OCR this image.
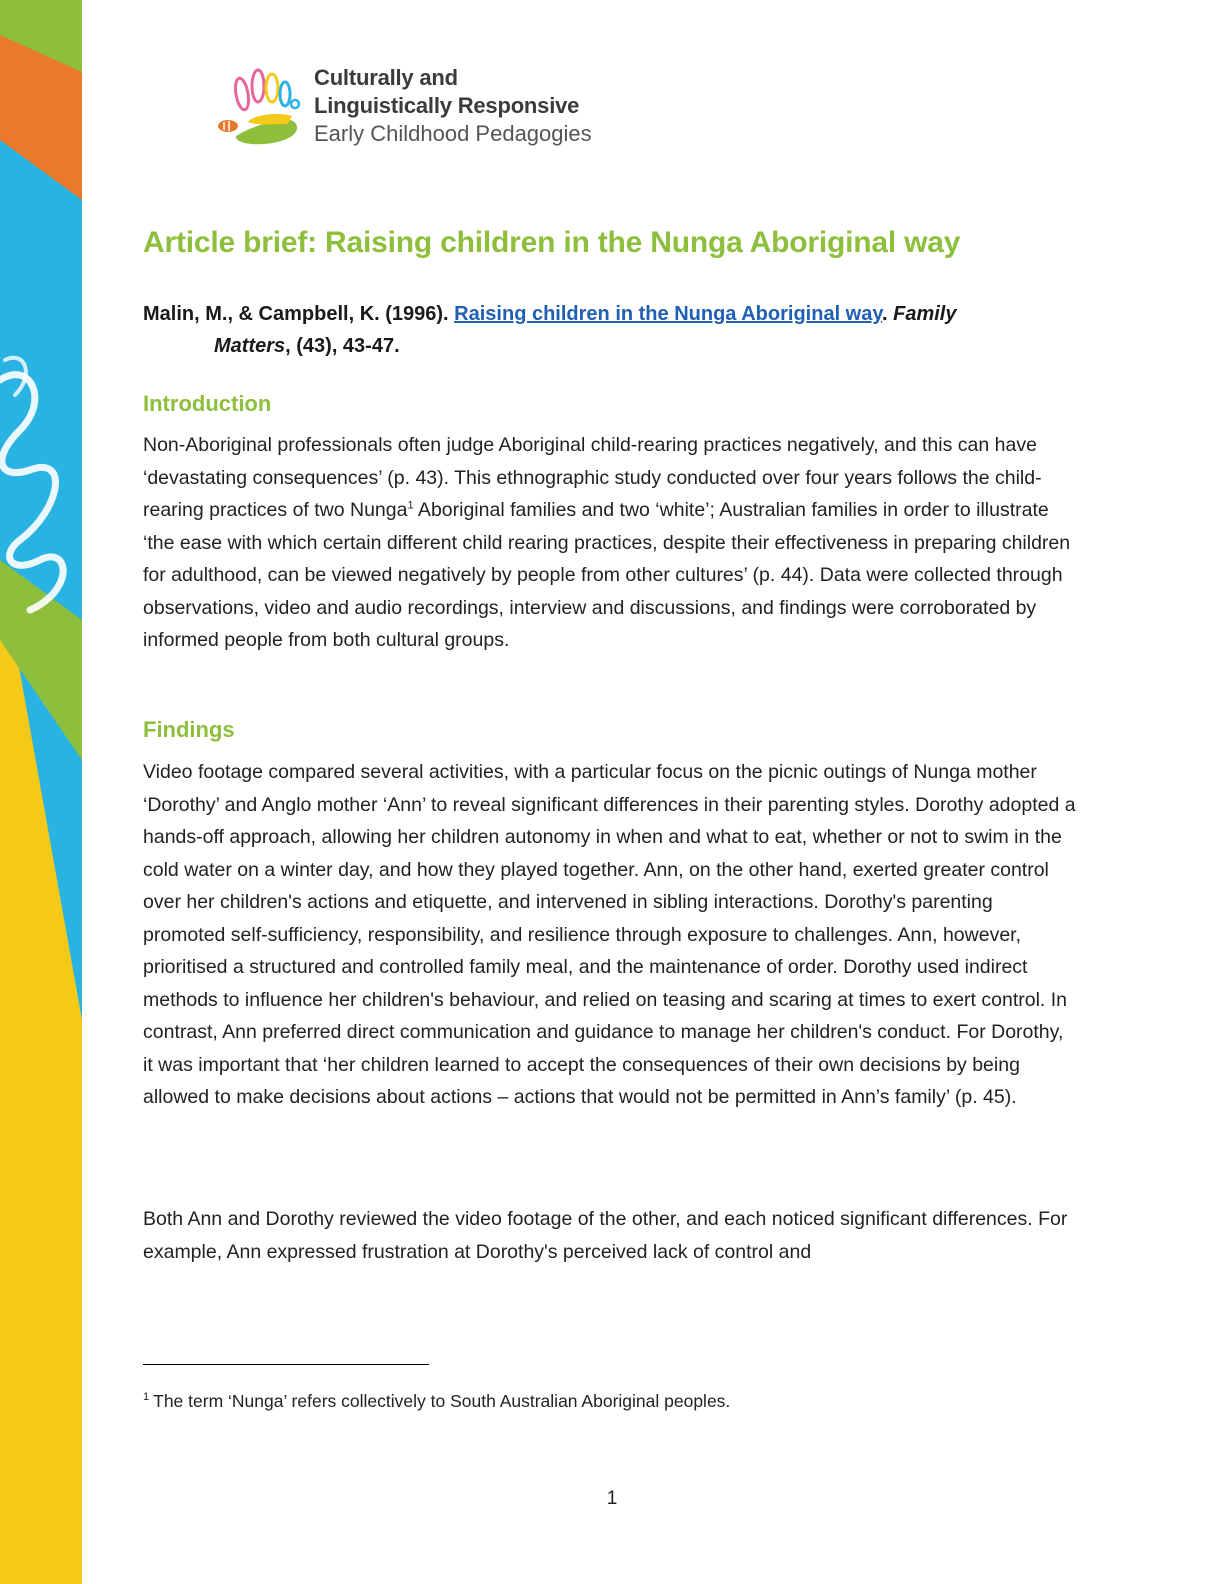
Culturally and
Linguistically Responsive
Early Childhood Pedagogies
Article brief: Raising children in the Nunga Aboriginal way

Malin, M., & Campbell, K. (1996). Raising children in the Nunga Aboriginal way. Family
Matters, (43), 43-47.

Introduction

Non-Aboriginal professionals often judge Aboriginal child-rearing practices negatively, and this can have ‘devastating consequences’ (p. 43). This ethnographic study conducted over four years follows the child-rearing practices of two Nunga$^1$ Aboriginal families and two ‘white’; Australian families in order to illustrate ‘the ease with which certain different child rearing practices, despite their effectiveness in preparing children for adulthood, can be viewed negatively by people from other cultures’ (p. 44). Data were collected through observations, video and audio recordings, interview and discussions, and findings were corroborated by informed people from both cultural groups.

Findings

Video footage compared several activities, with a particular focus on the picnic outings of Nunga mother ‘Dorothy’ and Anglo mother ‘Ann’ to reveal significant differences in their parenting styles. Dorothy adopted a hands-off approach, allowing her children autonomy in when and what to eat, whether or not to swim in the cold water on a winter day, and how they played together. Ann, on the other hand, exerted greater control over her children's actions and etiquette, and intervened in sibling interactions. Dorothy's parenting promoted self-sufficiency, responsibility, and resilience through exposure to challenges. Ann, however, prioritised a structured and controlled family meal, and the maintenance of order. Dorothy used indirect methods to influence her children's behaviour, and relied on teasing and scaring at times to exert control. In contrast, Ann preferred direct communication and guidance to manage her children's conduct. For Dorothy, it was important that ‘her children learned to accept the consequences of their own decisions by being allowed to make decisions about actions – actions that would not be permitted in Ann’s family’ (p. 45).

Both Ann and Dorothy reviewed the video footage of the other, and each noticed significant differences. For example, Ann expressed frustration at Dorothy's perceived lack of control and

$^1$ The term ‘Nunga’ refers collectively to South Australian Aboriginal peoples.

1
